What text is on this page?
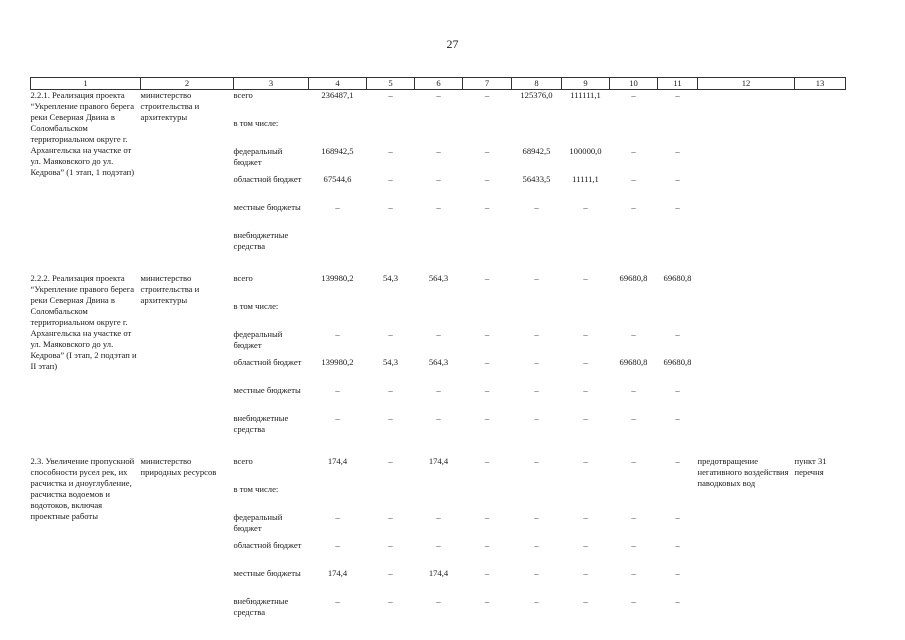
27
1	2	3	4	5	6	7	8	9	10	11	12	13
2.2.1. Реализация проекта “Укрепление правого берега реки Северная Двина в Соломбальском территориальном округе г. Архангельска на участке от ул. Маяковского до ул. Кедрова” (1 этап, 1 подэтап)	министерство строительства и архитектуры	всего	236487,1	–	–	–	125376,0	111111,1	–	–		
		в том числе:										
		федеральный бюджет	168942,5	–	–	–	68942,5	100000,0	–	–		
		областной бюджет	67544,6	–	–	–	56433,5	11111,1	–	–		
		местные бюджеты	–	–	–	–	–	–	–	–		
		внебюджетные средства										

2.2.2. Реализация проекта “Укрепление правого берега реки Северная Двина в Соломбальском территориальном округе г. Архангельска на участке от ул. Маяковского до ул. Кедрова” (I этап, 2 подэтап и II этап)	министерство строительства и архитектуры	всего	139980,2	54,3	564,3	–	–	–	69680,8	69680,8		
		в том числе:										
		федеральный бюджет	–	–	–	–	–	–	–	–		
		областной бюджет	139980,2	54,3	564,3	–	–	–	69680,8	69680,8		
		местные бюджеты	–	–	–	–	–	–	–	–		
		внебюджетные средства	–	–	–	–	–	–	–	–		

2.3. Увеличение пропускной способности русел рек, их расчистка и дноуглубление, расчистка водоемов и водотоков, включая проектные работы	министерство природных ресурсов	всего	174,4	–	174,4	–	–	–	–	–	предотвращение негативного воздействия паводковых вод	пункт 31 перечня
		в том числе:										
		федеральный бюджет	–	–	–	–	–	–	–	–		
		областной бюджет	–	–	–	–	–	–	–	–		
		местные бюджеты	174,4	–	174,4	–	–	–	–	–		
		внебюджетные средства	–	–	–	–	–	–	–	–		
